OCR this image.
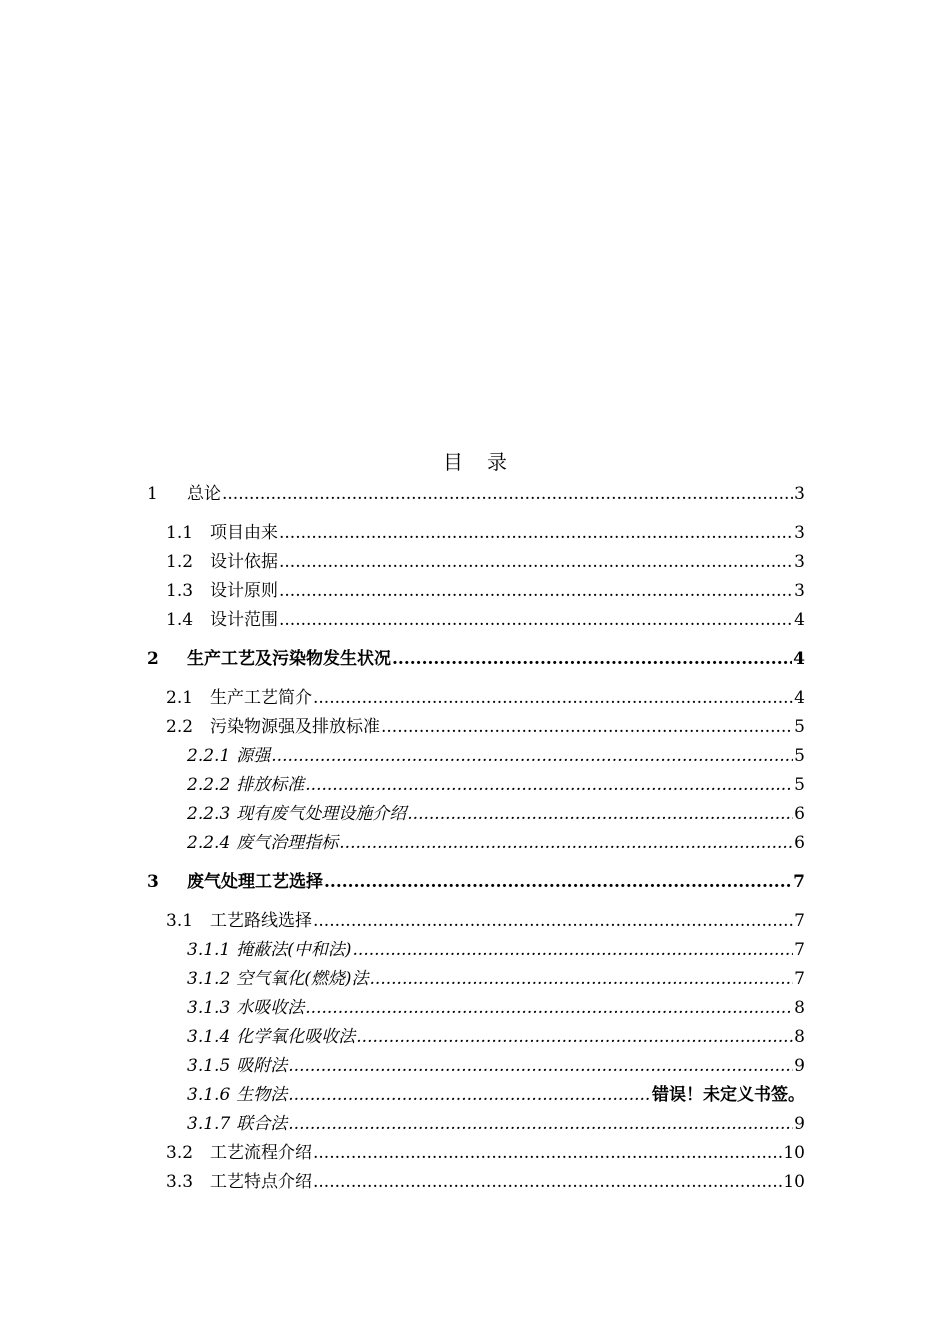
目 录
1	总论 .....	3
1.1 项目由来 .....	3
1.2 设计依据 .....	3
1.3 设计原则 .....	3
1.4 设计范围 .....	4
2	生产工艺及污染物发生状况 .....	4
2.1 生产工艺简介 .....	4
2.2 污染物源强及排放标准 .....	5
2.2.1 源强 .....	5
2.2.2 排放标准 .....	5
2.2.3 现有废气处理设施介绍 .....	6
2.2.4 废气治理指标 .....	6
3	废气处理工艺选择 .....	7
3.1 工艺路线选择 .....	7
3.1.1 掩蔽法(中和法) .....	7
3.1.2 空气氧化(燃烧)法 .....	7
3.1.3 水吸收法 .....	8
3.1.4 化学氧化吸收法 .....	8
3.1.5 吸附法 .....	9
3.1.6 生物法 .....	错误！未定义书签。
3.1.7 联合法 .....	9
3.2 工艺流程介绍 .....	10
3.3 工艺特点介绍 .....	10
